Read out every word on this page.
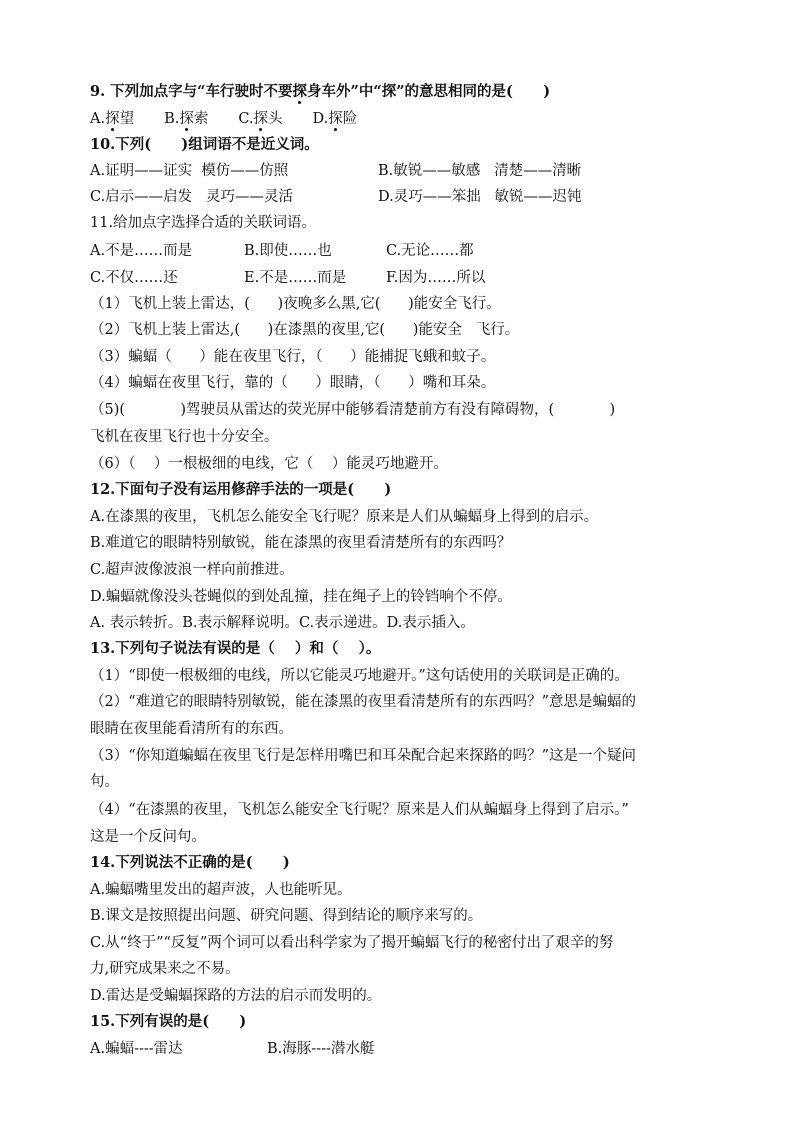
9. 下列加点字与“车行驶时不要探身车外”中“探”的意思相同的是(      )
A.探望 B.探索 C.探头 D.探险
10.下列(      )组词语不是近义词。
A.证明——证实  模仿——仿照	B.敏锐——敏感   清楚——清晰
C.启示——启发   灵巧——灵活	D.灵巧——笨拙   敏锐——迟钝
11.给加点字选择合适的关联词语。
A.不是……而是	B.即使……也	C.无论……都
C.不仅……还	E.不是……而是	F.因为……所以
（1）飞机上装上雷达，(      )夜晚多么黑,它(      )能安全飞行。
（2）飞机上装上雷达,(      )在漆黑的夜里,它(      )能安全   飞行。
（3）蝙蝠（      ）能在夜里飞行，（      ）能捕捉飞蛾和蚊子。
（4）蝙蝠在夜里飞行，靠的（      ）眼睛，（      ）嘴和耳朵。
（5)(            )驾驶员从雷达的荧光屏中能够看清楚前方有没有障碍物，(            )
飞机在夜里飞行也十分安全。
（6）（    ）一根极细的电线，它（    ）能灵巧地避开。
12.下面句子没有运用修辞手法的一项是(      )
A.在漆黑的夜里，飞机怎么能安全飞行呢？原来是人们从蝙蝠身上得到的启示。
B.难道它的眼睛特别敏锐，能在漆黑的夜里看清楚所有的东西吗？
C.超声波像波浪一样向前推进。
D.蝙蝠就像没头苍蝇似的到处乱撞，挂在绳子上的铃铛响个不停。
A. 表示转折。B.表示解释说明。C.表示递进。D.表示插入。
13.下列句子说法有误的是（    ）和（    ）。
（1）“即使一根极细的电线，所以它能灵巧地避开。”这句话使用的关联词是正确的。
（2）“难道它的眼睛特别敏锐，能在漆黑的夜里看清楚所有的东西吗？”意思是蝙蝠的
眼睛在夜里能看清所有的东西。
（3）“你知道蝙蝠在夜里飞行是怎样用嘴巴和耳朵配合起来探路的吗？”这是一个疑问
句。
（4）“在漆黑的夜里，飞机怎么能安全飞行呢？原来是人们从蝙蝠身上得到了启示。”
这是一个反问句。
14.下列说法不正确的是(      )
A.蝙蝠嘴里发出的超声波，人也能听见。
B.课文是按照提出问题、研究问题、得到结论的顺序来写的。
C.从“终于”“反复”两个词可以看出科学家为了揭开蝙蝠飞行的秘密付出了艰辛的努
力,研究成果来之不易。
D.雷达是受蝙蝠探路的方法的启示而发明的。
15.下列有误的是(      )
A.蝙蝠----雷达	B.海豚----潜水艇
